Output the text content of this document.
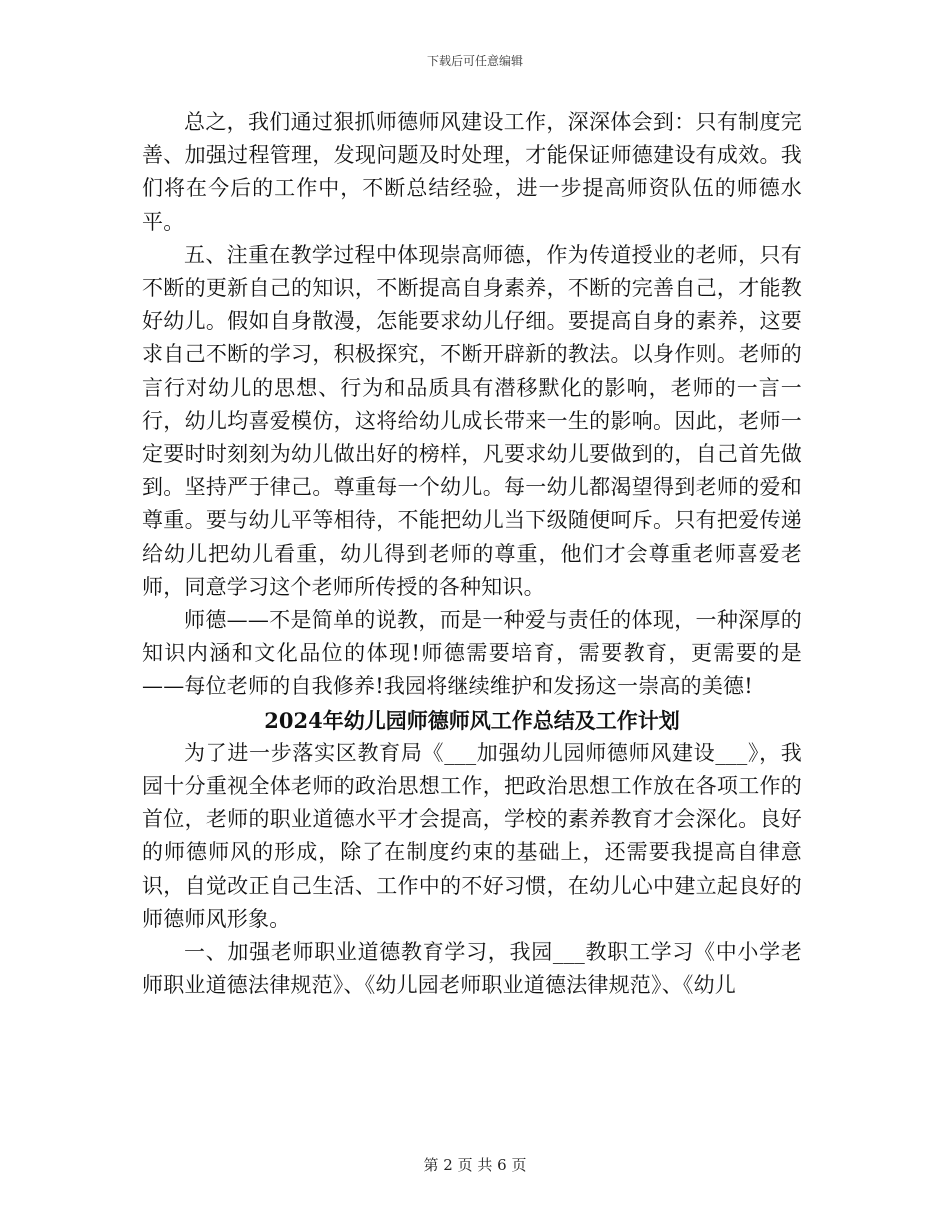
下载后可任意编辑

总之，我们通过狠抓师德师风建设工作，深深体会到：只有制度完善、加强过程管理，发现问题及时处理，才能保证师德建设有成效。我们将在今后的工作中，不断总结经验，进一步提高师资队伍的师德水平。

五、注重在教学过程中体现崇高师德，作为传道授业的老师，只有不断的更新自己的知识，不断提高自身素养，不断的完善自己，才能教好幼儿。假如自身散漫，怎能要求幼儿仔细。要提高自身的素养，这要求自己不断的学习，积极探究，不断开辟新的教法。以身作则。老师的言行对幼儿的思想、行为和品质具有潜移默化的影响，老师的一言一行，幼儿均喜爱模仿，这将给幼儿成长带来一生的影响。因此，老师一定要时时刻刻为幼儿做出好的榜样，凡要求幼儿要做到的，自己首先做到。坚持严于律己。尊重每一个幼儿。每一幼儿都渴望得到老师的爱和尊重。要与幼儿平等相待，不能把幼儿当下级随便呵斥。只有把爱传递给幼儿把幼儿看重，幼儿得到老师的尊重，他们才会尊重老师喜爱老师，同意学习这个老师所传授的各种知识。

师德——不是简单的说教，而是一种爱与责任的体现，一种深厚的知识内涵和文化品位的体现!师德需要培育，需要教育，更需要的是——每位老师的自我修养!我园将继续维护和发扬这一崇高的美德!

2024年幼儿园师德师风工作总结及工作计划

为了进一步落实区教育局《___加强幼儿园师德师风建设___》，我园十分重视全体老师的政治思想工作，把政治思想工作放在各项工作的首位，老师的职业道德水平才会提高，学校的素养教育才会深化。良好的师德师风的形成，除了在制度约束的基础上，还需要我提高自律意识，自觉改正自己生活、工作中的不好习惯，在幼儿心中建立起良好的师德师风形象。

一、加强老师职业道德教育学习，我园___教职工学习《中小学老师职业道德法律规范》、《幼儿园老师职业道德法律规范》、《幼儿

第 2 页 共 6 页
